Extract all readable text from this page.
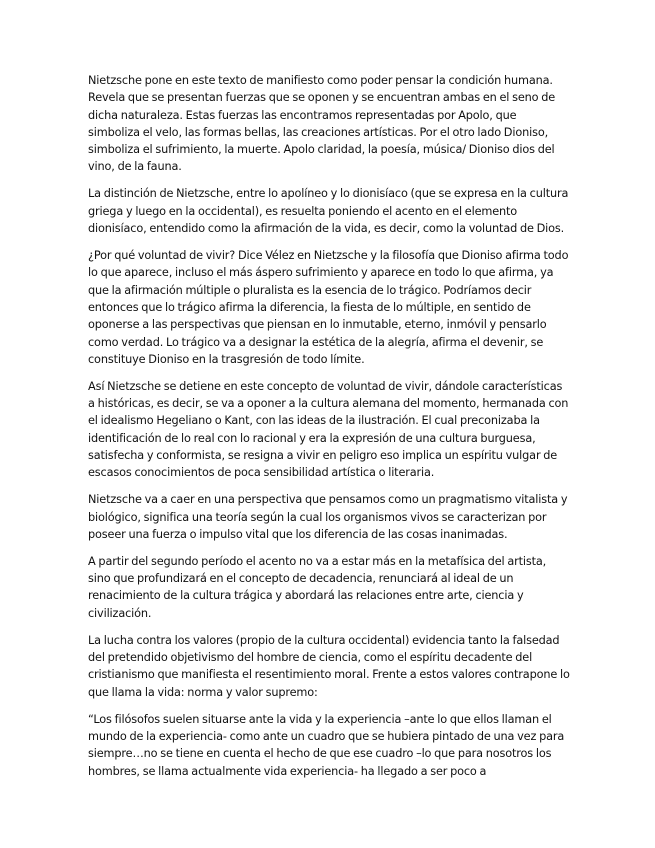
Nietzsche pone en este texto de manifiesto como poder pensar la condición humana. Revela que se presentan fuerzas que se oponen y se encuentran ambas en el seno de dicha naturaleza. Estas fuerzas las encontramos representadas por Apolo, que simboliza el velo, las formas bellas, las creaciones artísticas. Por el otro lado Dioniso, simboliza el sufrimiento, la muerte. Apolo claridad, la poesía, música/ Dioniso dios del vino, de la fauna.

La distinción de Nietzsche, entre lo apolíneo y lo dionisíaco (que se expresa en la cultura griega y luego en la occidental), es resuelta poniendo el acento en el elemento dionisíaco, entendido como la afirmación de la vida, es decir, como la voluntad de Dios.

¿Por qué voluntad de vivir? Dice Vélez en Nietzsche y la filosofía que Dioniso afirma todo lo que aparece, incluso el más áspero sufrimiento y aparece en todo lo que afirma, ya que la afirmación múltiple o pluralista es la esencia de lo trágico. Podríamos decir entonces que lo trágico afirma la diferencia, la fiesta de lo múltiple, en sentido de oponerse a las perspectivas que piensan en lo inmutable, eterno, inmóvil y pensarlo como verdad. Lo trágico va a designar la estética de la alegría, afirma el devenir, se constituye Dioniso en la trasgresión de todo límite.

Así Nietzsche se detiene en este concepto de voluntad de vivir, dándole características a históricas, es decir, se va a oponer a la cultura alemana del momento, hermanada con el idealismo Hegeliano o Kant, con las ideas de la ilustración. El cual preconizaba la identificación de lo real con lo racional y era la expresión de una cultura burguesa, satisfecha y conformista, se resigna a vivir en peligro eso implica un espíritu vulgar de escasos conocimientos de poca sensibilidad artística o literaria.

Nietzsche va a caer en una perspectiva que pensamos como un pragmatismo vitalista y biológico, significa una teoría según la cual los organismos vivos se caracterizan por poseer una fuerza o impulso vital que los diferencia de las cosas inanimadas.

A partir del segundo período el acento no va a estar más en la metafísica del artista, sino que profundizará en el concepto de decadencia, renunciará al ideal de un renacimiento de la cultura trágica y abordará las relaciones entre arte, ciencia y civilización.

La lucha contra los valores (propio de la cultura occidental) evidencia tanto la falsedad del pretendido objetivismo del hombre de ciencia, como el espíritu decadente del cristianismo que manifiesta el resentimiento moral. Frente a estos valores contrapone lo que llama la vida: norma y valor supremo:

“Los filósofos suelen situarse ante la vida y la experiencia –ante lo que ellos llaman el mundo de la experiencia- como ante un cuadro que se hubiera pintado de una vez para siempre…no se tiene en cuenta el hecho de que ese cuadro –lo que para nosotros los hombres, se llama actualmente vida experiencia- ha llegado a ser poco a
